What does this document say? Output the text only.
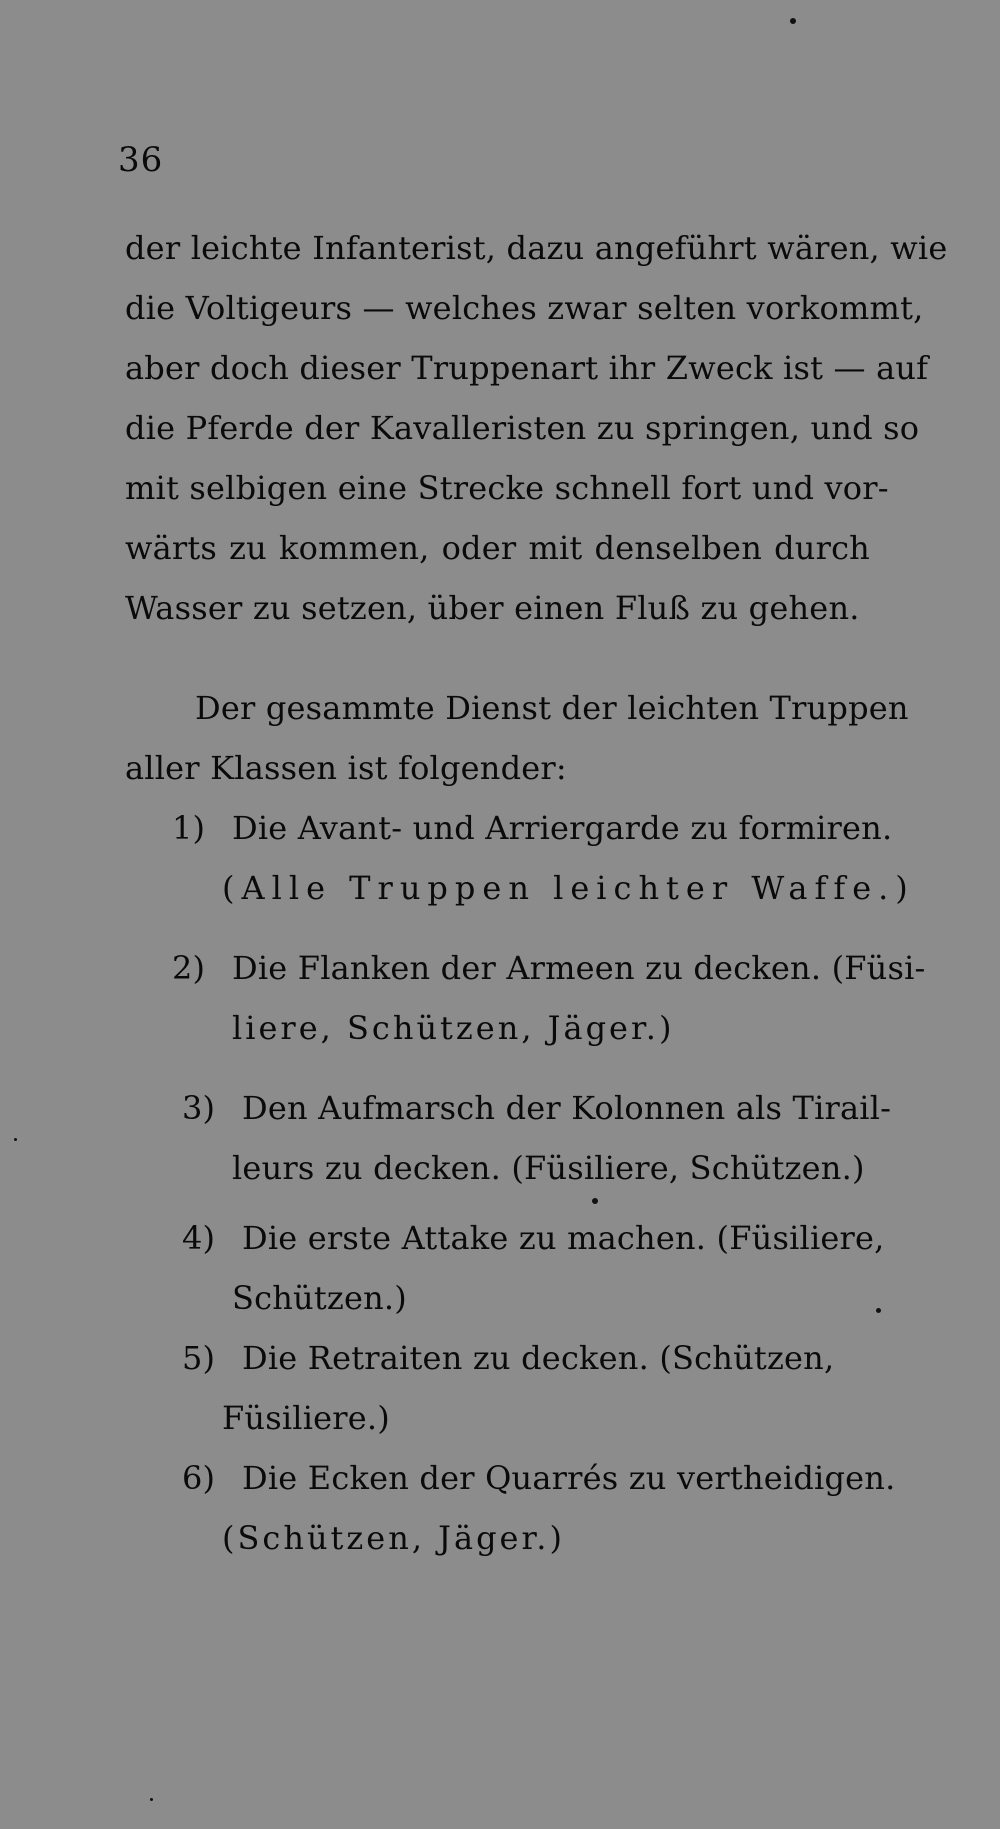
36
der leichte Infanterist, dazu angeführt wären, wie
die Voltigeurs — welches zwar selten vorkommt,
aber doch dieser Truppenart ihr Zweck ist — auf
die Pferde der Kavalleristen zu springen, und so
mit selbigen eine Strecke schnell fort und vor-
wärts zu kommen, oder mit denselben durch
Wasser zu setzen, über einen Fluß zu gehen.
Der gesammte Dienst der leichten Truppen
aller Klassen ist folgender:
1) Die Avant- und Arriergarde zu formiren.
(Alle Truppen leichter Waffe.)
2) Die Flanken der Armeen zu decken. (Füsi-
liere, Schützen, Jäger.)
3) Den Aufmarsch der Kolonnen als Tirail-
leurs zu decken. (Füsiliere, Schützen.)
4) Die erste Attake zu machen. (Füsiliere,
Schützen.)
5) Die Retraiten zu decken. (Schützen,
Füsiliere.)
6) Die Ecken der Quarrés zu vertheidigen.
(Schützen, Jäger.)
